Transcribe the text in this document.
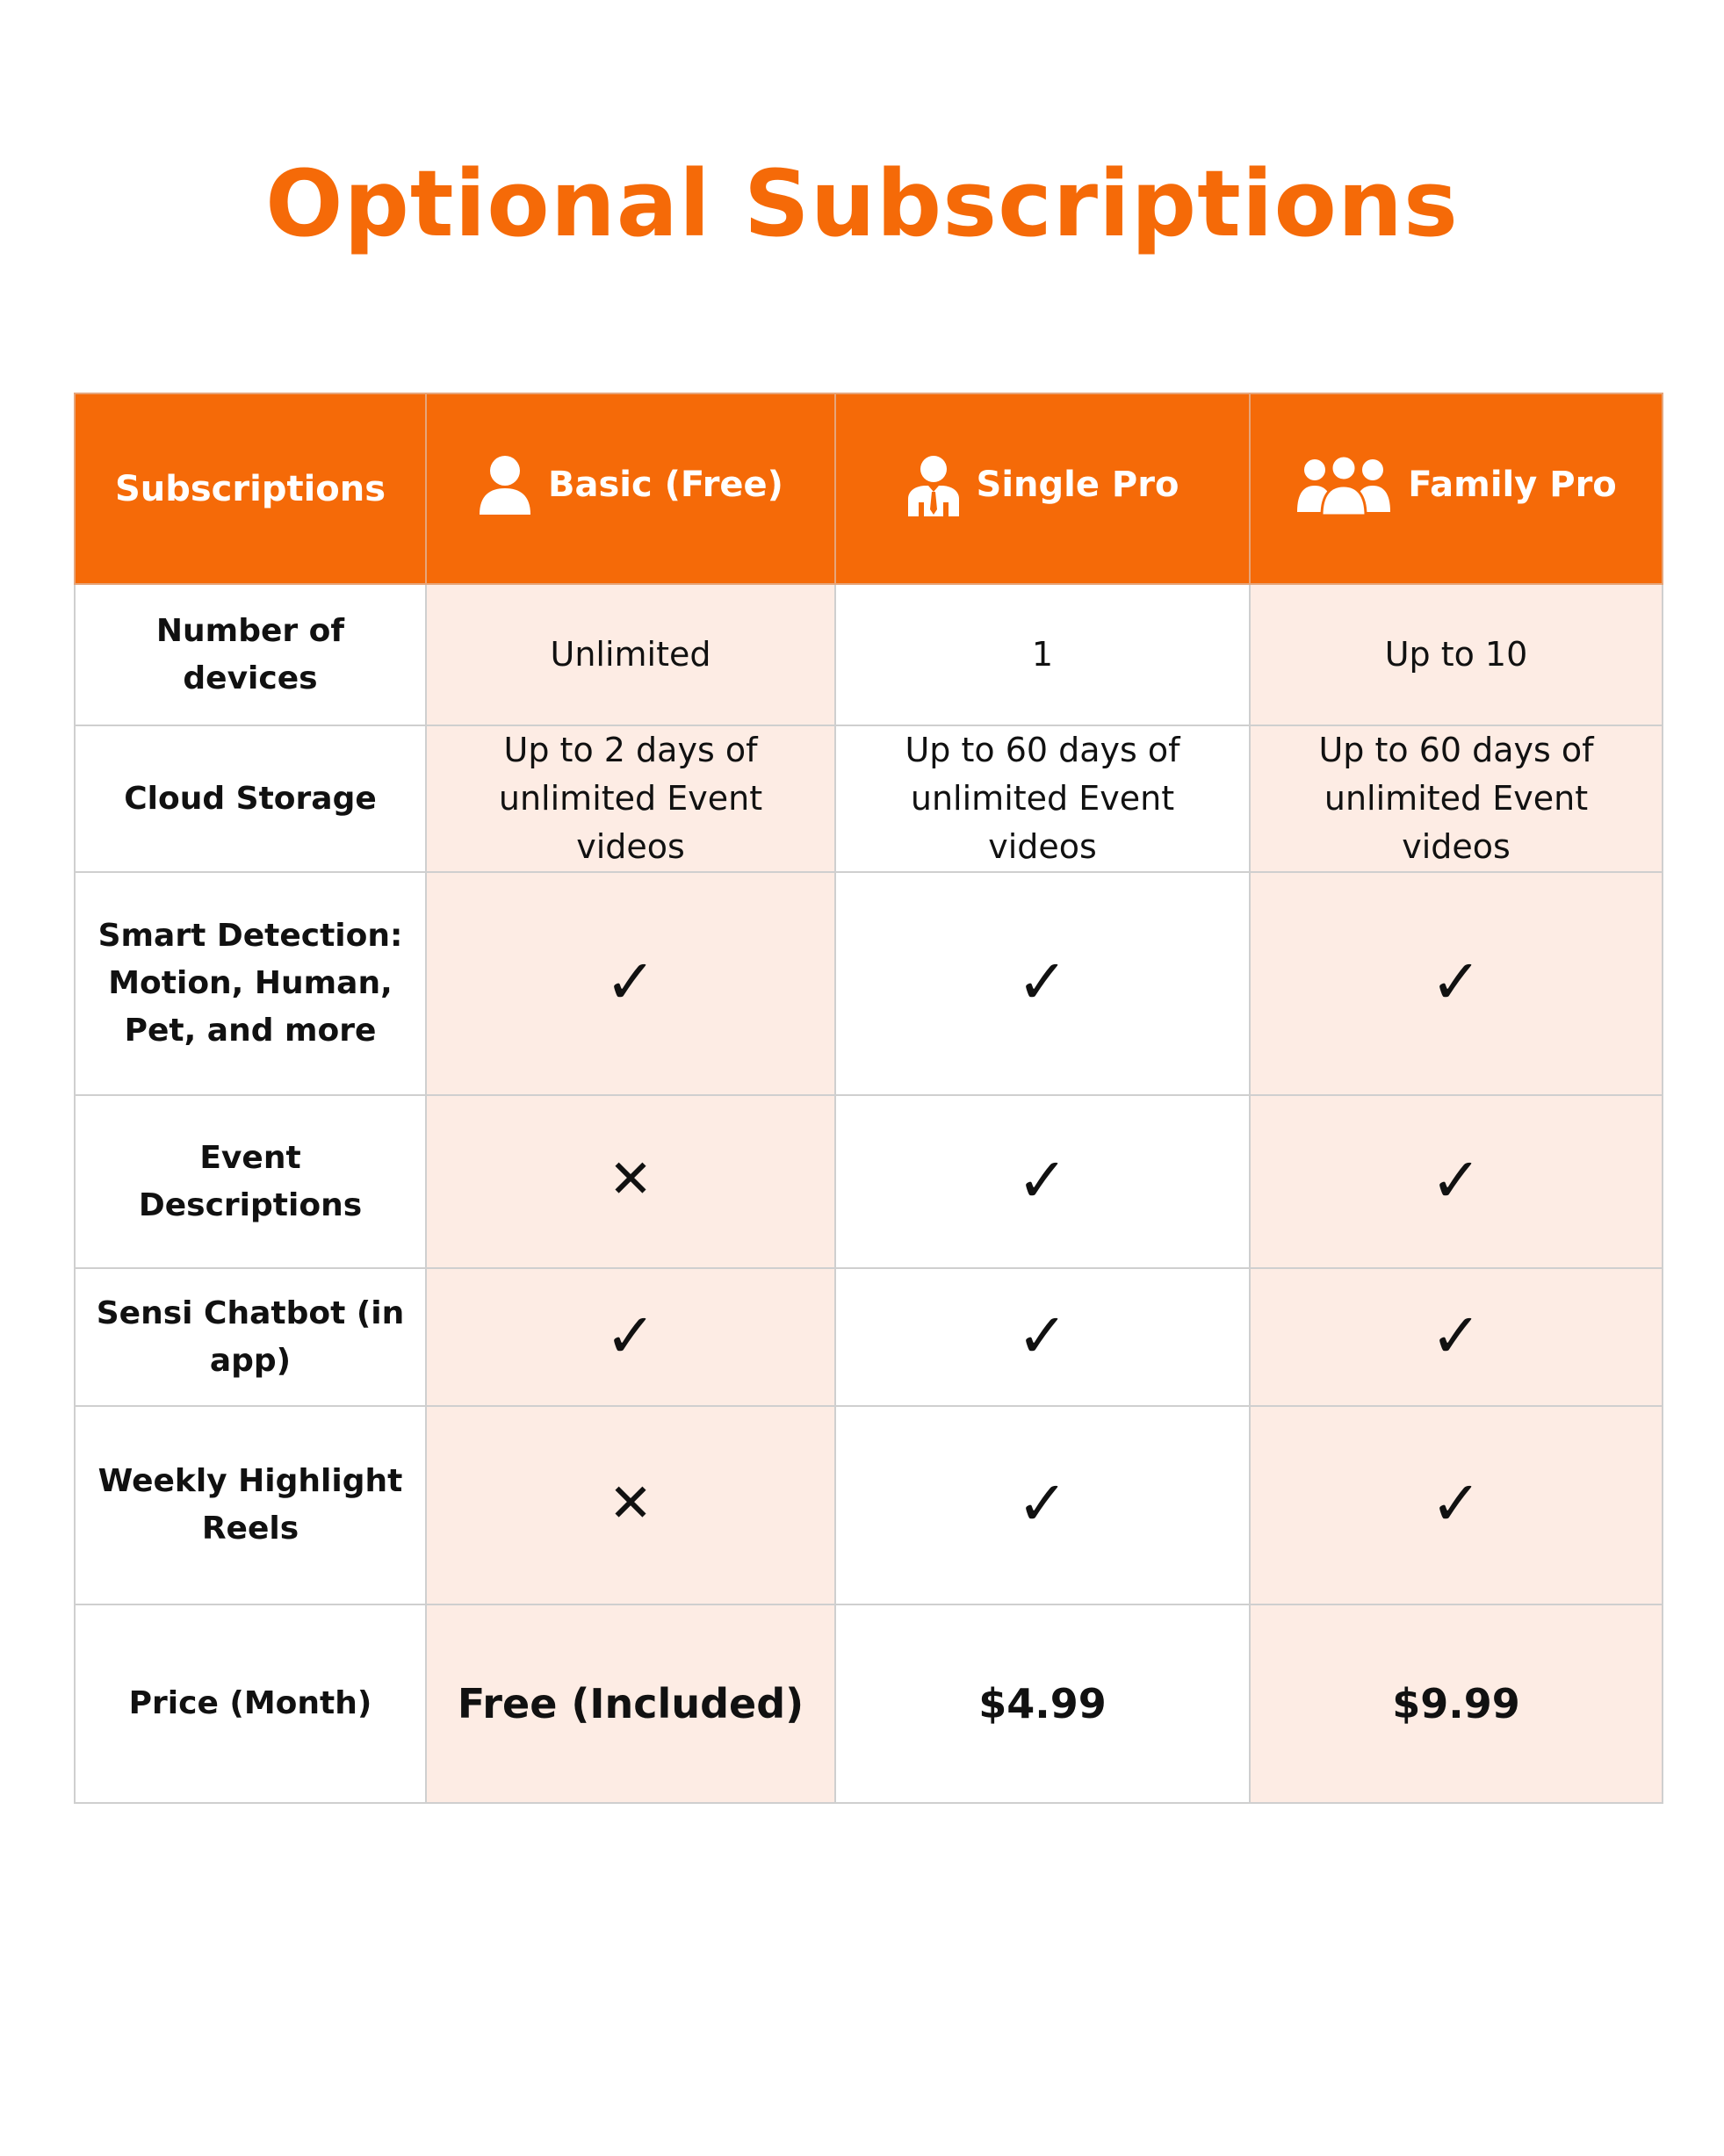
Optional Subscriptions
Subscriptions	Basic (Free)	Single Pro	Family Pro

Number of devices	Unlimited	1	Up to 10
Cloud Storage	Up to 2 days of unlimited Event videos	Up to 60 days of unlimited Event videos	Up to 60 days of unlimited Event videos
Smart Detection: Motion, Human, Pet, and more	✓	✓	✓
Event Descriptions	✕	✓	✓
Sensi Chatbot (in app)	✓	✓	✓
Weekly Highlight Reels	✕	✓	✓
Price (Month)	Free (Included)	$4.99	$9.99
